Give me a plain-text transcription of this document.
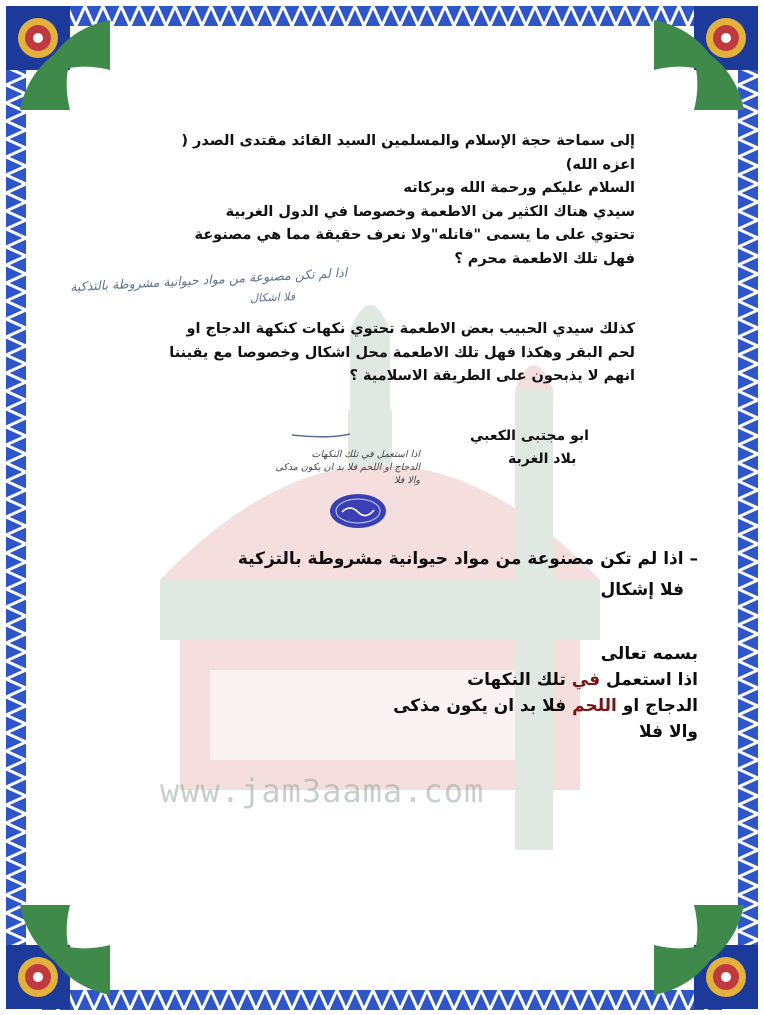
www.jam3aama.com

إلى سماحة حجة الإسلام والمسلمين السيد القائد مقتدى الصدر (

اعزه الله)

السلام عليكم ورحمة الله وبركاته

سيدي هناك الكثير من الاطعمة وخصوصا في الدول الغربية

تحتوي على ما يسمى "فانله"ولا نعرف حقيقة مما هي مصنوعة

فهل تلك الاطعمة محرم ؟

اذا لم تكن مصنوعة من مواد حيوانية مشروطة بالتذكية
فلا اشكال

كذلك سيدي الحبيب بعض الاطعمة تحتوي نكهات كنكهة الدجاج او

لحم البقر وهكذا فهل تلك الاطعمة محل اشكال وخصوصا مع يقيننا

انهم لا يذبحون على الطريقة الاسلامية ؟

ابو مجتبى الكعبي
بلاد الغربة
اذا استعمل في تلك النكهات
الدجاج او اللحم فلا بد ان يكون مذكى
والا فلا

– اذا لم تكن مصنوعة من مواد حيوانية مشروطة بالتزكية

فلا إشكال

بسمه تعالى

اذا استعمل في تلك النكهات

الدجاج او اللحم فلا بد ان يكون مذكى

والا فلا
